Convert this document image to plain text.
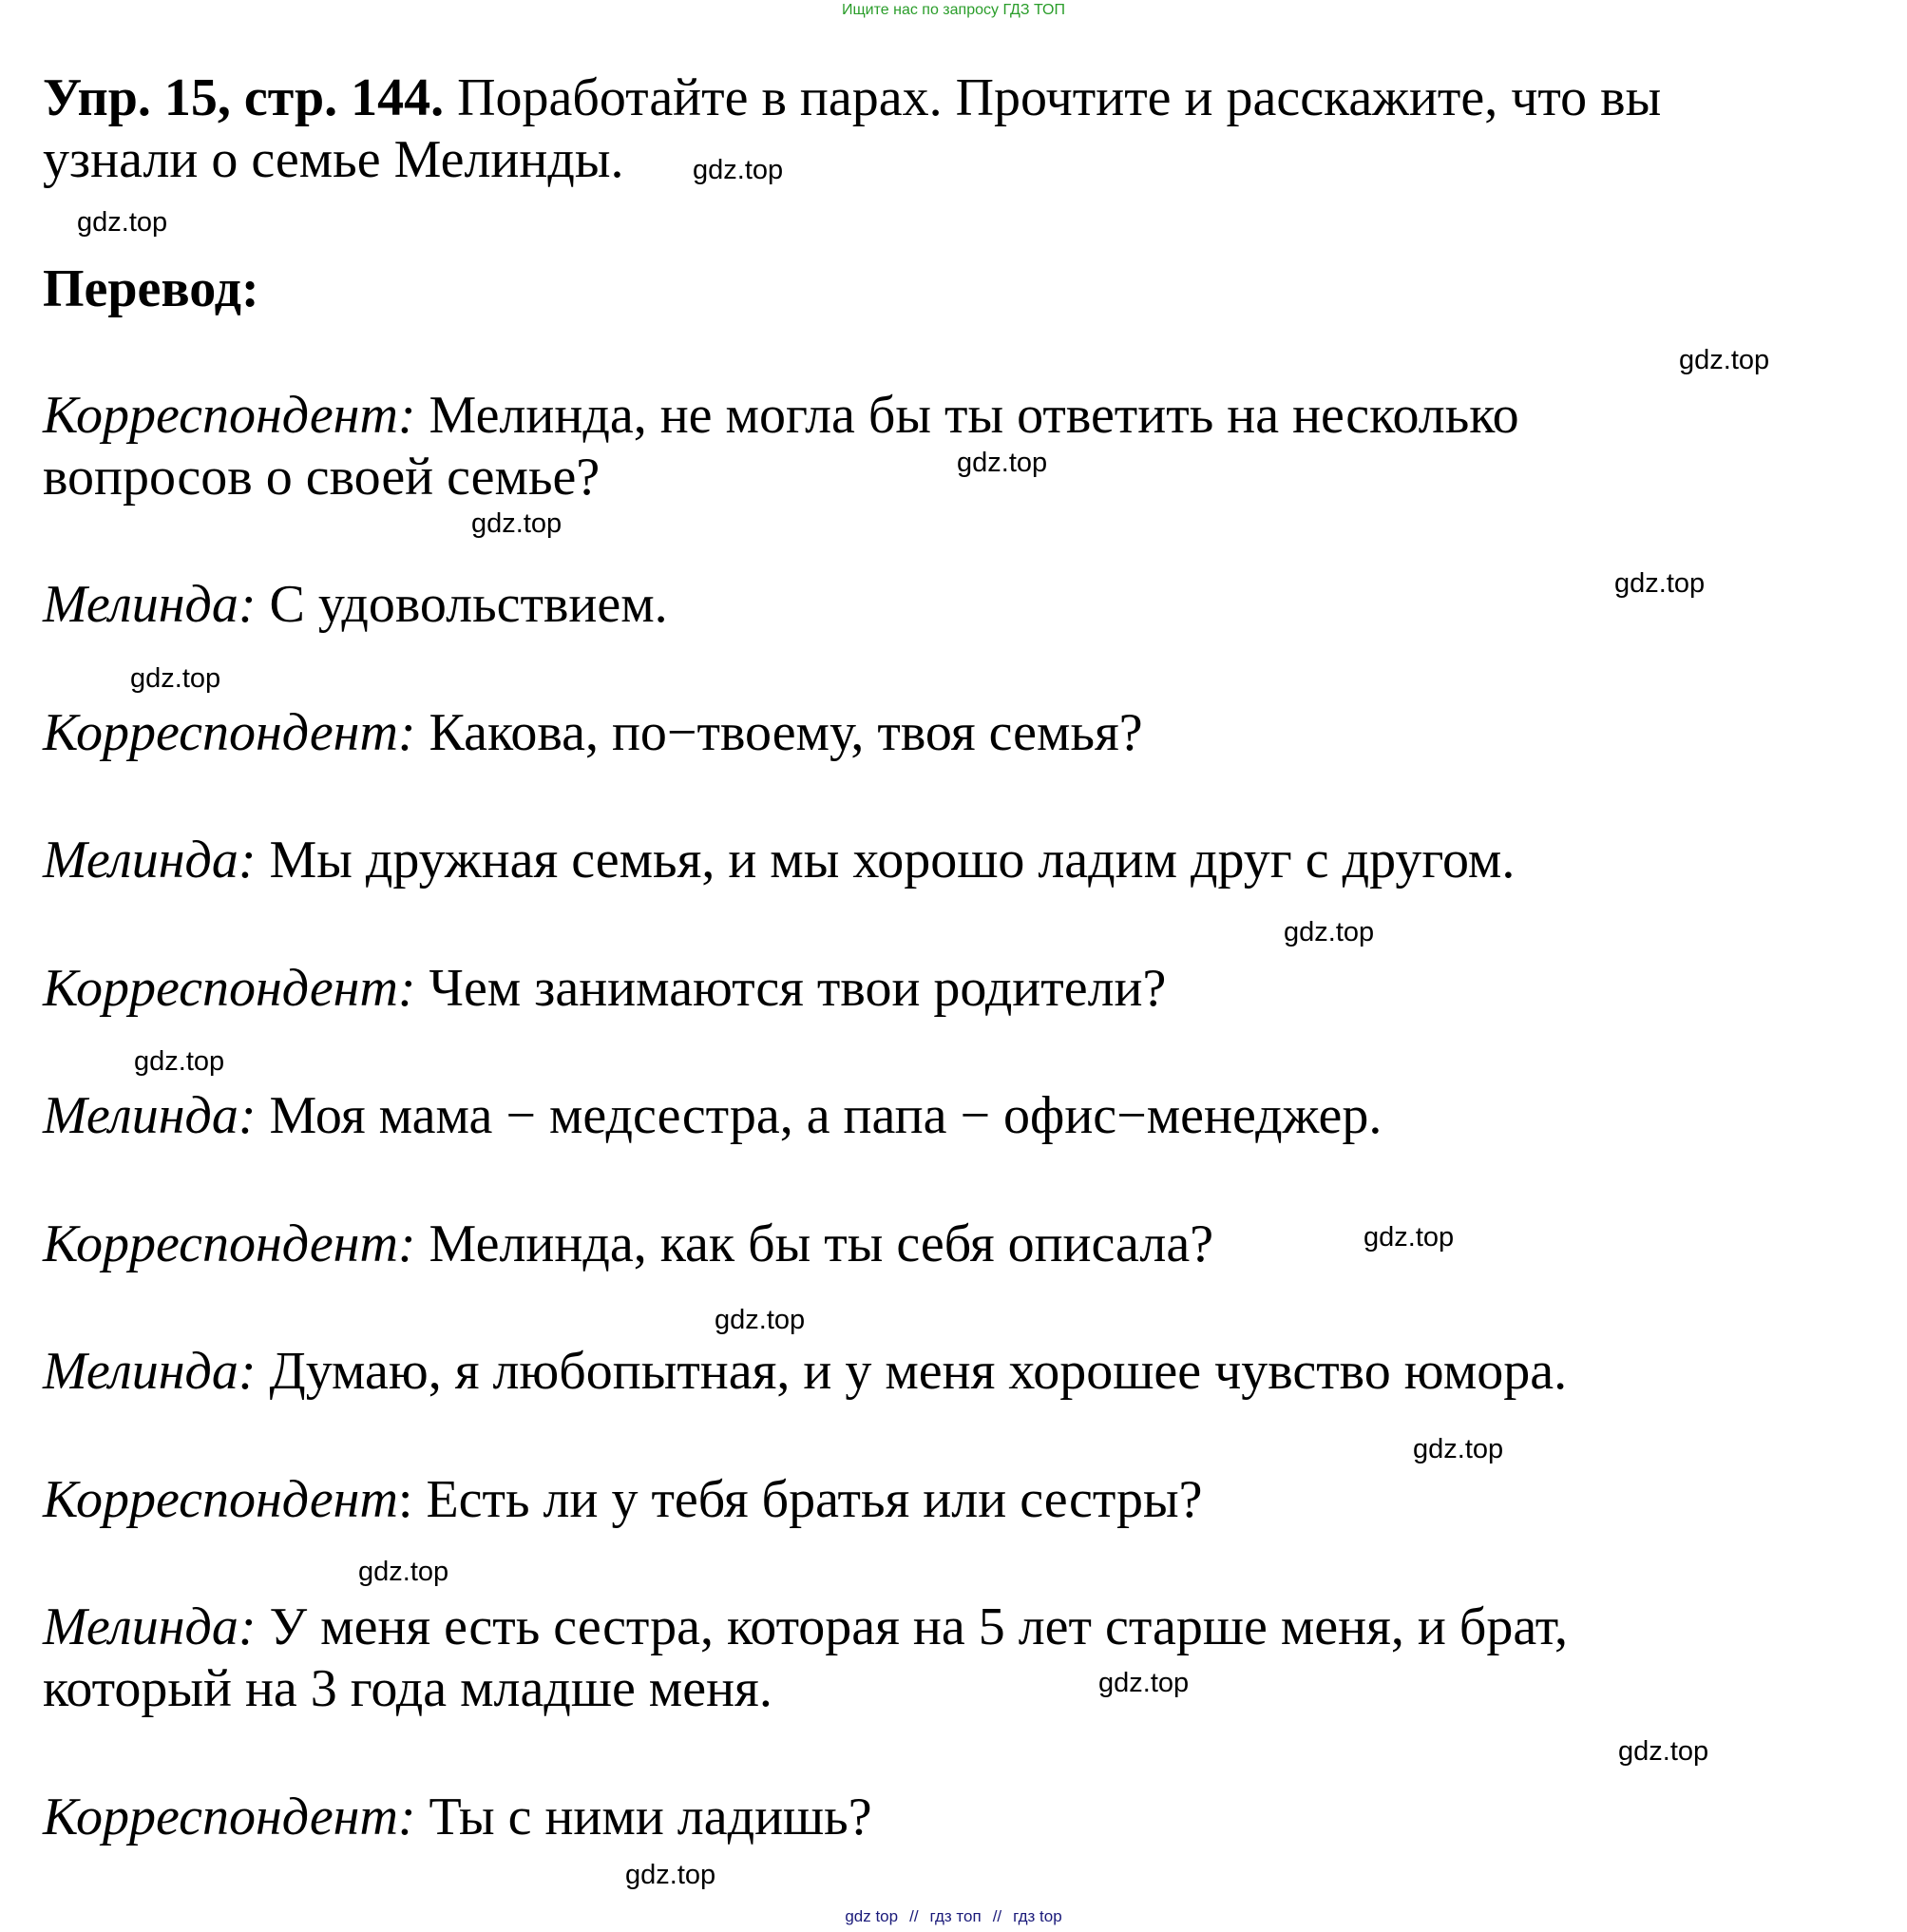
Ищите нас по запросу ГДЗ ТОП
Упр. 15, стр. 144. Поработайте в парах. Прочтите и расскажите, что вы
узнали о семье Мелинды.
Перевод:
Корреспондент: Мелинда, не могла бы ты ответить на несколько
вопросов о своей семье?
Мелинда: С удовольствием.
Корреспондент: Какова, по−твоему, твоя семья?
Мелинда: Мы дружная семья, и мы хорошо ладим друг с другом.
Корреспондент: Чем занимаются твои родители?
Мелинда: Моя мама − медсестра, а папа − офис−менеджер.
Корреспондент: Мелинда, как бы ты себя описала?
Мелинда: Думаю, я любопытная, и у меня хорошее чувство юмора.
Корреспондент: Есть ли у тебя братья или сестры?
Мелинда: У меня есть сестра, которая на 5 лет старше меня, и брат,
который на 3 года младше меня.
Корреспондент: Ты с ними ладишь?
gdz.top
gdz.top
gdz.top
gdz.top
gdz.top
gdz.top
gdz.top
gdz.top
gdz.top
gdz.top
gdz.top
gdz.top
gdz.top
gdz.top
gdz.top
gdz.top
gdz top // гдз топ // гдз top
